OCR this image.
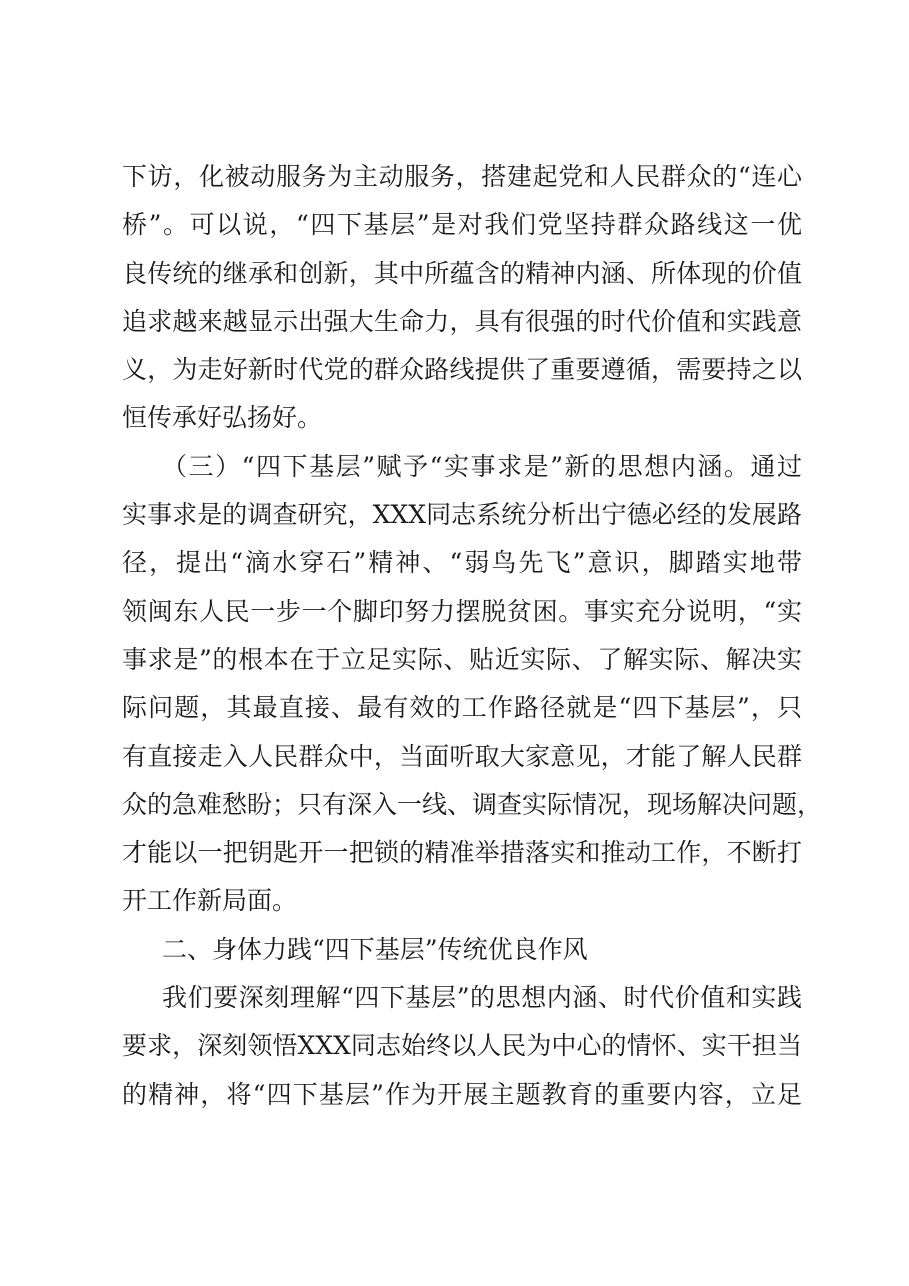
下访，化被动服务为主动服务，搭建起党和人民群众的“连心
桥”。可以说，“四下基层”是对我们党坚持群众路线这一优
良传统的继承和创新，其中所蕴含的精神内涵、所体现的价值
追求越来越显示出强大生命力，具有很强的时代价值和实践意
义，为走好新时代党的群众路线提供了重要遵循，需要持之以
恒传承好弘扬好。
（三）“四下基层”赋予“实事求是”新的思想内涵。通过
实事求是的调查研究，XXX同志系统分析出宁德必经的发展路
径，提出“滴水穿石”精神、“弱鸟先飞”意识，脚踏实地带
领闽东人民一步一个脚印努力摆脱贫困。事实充分说明，“实
事求是”的根本在于立足实际、贴近实际、了解实际、解决实
际问题，其最直接、最有效的工作路径就是“四下基层”，只
有直接走入人民群众中，当面听取大家意见，才能了解人民群
众的急难愁盼；只有深入一线、调查实际情况，现场解决问题，
才能以一把钥匙开一把锁的精准举措落实和推动工作，不断打
开工作新局面。
二、身体力践“四下基层”传统优良作风
我们要深刻理解“四下基层”的思想内涵、时代价值和实践
要求，深刻领悟XXX同志始终以人民为中心的情怀、实干担当
的精神，将“四下基层”作为开展主题教育的重要内容，立足
